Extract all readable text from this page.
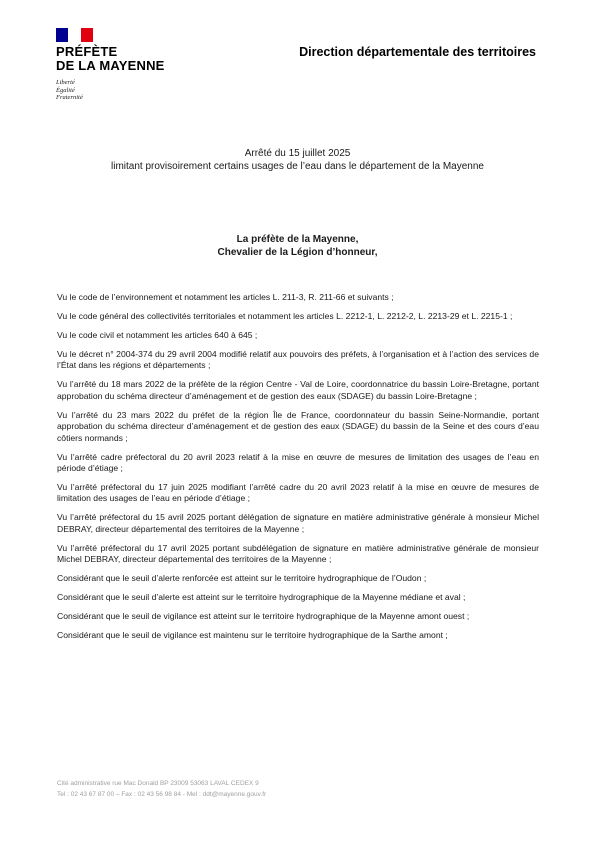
PRÉFÈTE
DE LA MAYENNE
Liberté
Égalité
Fraternité
Direction départementale des territoires
Arrêté du 15 juillet 2025
limitant provisoirement certains usages de l’eau dans le département de la Mayenne
La préfète de la Mayenne,
Chevalier de la Légion d’honneur,

Vu le code de l’environnement et notamment les articles L. 211-3, R. 211-66 et suivants ;

Vu le code général des collectivités territoriales et notamment les articles L. 2212-1, L. 2212-2, L. 2213-29 et L. 2215-1 ;

Vu le code civil et notamment les articles 640 à 645 ;

Vu le décret n° 2004-374 du 29 avril 2004 modifié relatif aux pouvoirs des préfets, à l’organisation et à l’action des services de l’État dans les régions et départements ;

Vu l’arrêté du 18 mars 2022 de la préfète de la région Centre - Val de Loire, coordonnatrice du bassin Loire-Bretagne, portant approbation du schéma directeur d’aménagement et de gestion des eaux (SDAGE) du bassin Loire-Bretagne ;

Vu l’arrêté du 23 mars 2022 du préfet de la région Île de France, coordonnateur du bassin Seine-Normandie, portant approbation du schéma directeur d’aménagement et de gestion des eaux (SDAGE) du bassin de la Seine et des cours d’eau côtiers normands ;

Vu l’arrêté cadre préfectoral du 20 avril 2023 relatif à la mise en œuvre de mesures de limitation des usages de l’eau en période d’étiage ;

Vu l’arrêté préfectoral du 17 juin 2025 modifiant l’arrêté cadre du 20 avril 2023 relatif à la mise en œuvre de mesures de limitation des usages de l’eau en période d’étiage ;

Vu l’arrêté préfectoral du 15 avril 2025 portant délégation de signature en matière administrative générale à monsieur Michel DEBRAY, directeur départemental des territoires de la Mayenne ;

Vu l’arrêté préfectoral du 17 avril 2025 portant subdélégation de signature en matière administrative générale de monsieur Michel DEBRAY, directeur départemental des territoires de la Mayenne ;

Considérant que le seuil d’alerte renforcée est atteint sur le territoire hydrographique de l’Oudon ;

Considérant que le seuil d’alerte est atteint sur le territoire hydrographique de la Mayenne médiane et aval ;

Considérant que le seuil de vigilance est atteint sur le territoire hydrographique de la Mayenne amont ouest ;

Considérant que le seuil de vigilance est maintenu sur le territoire hydrographique de la Sarthe amont ;

Cité administrative rue Mac Donald BP 23009 53063 LAVAL CEDEX 9
Tel : 02 43 67 87 00 – Fax : 02 43 56 98 84 - Mel : ddt@mayenne.gouv.fr
